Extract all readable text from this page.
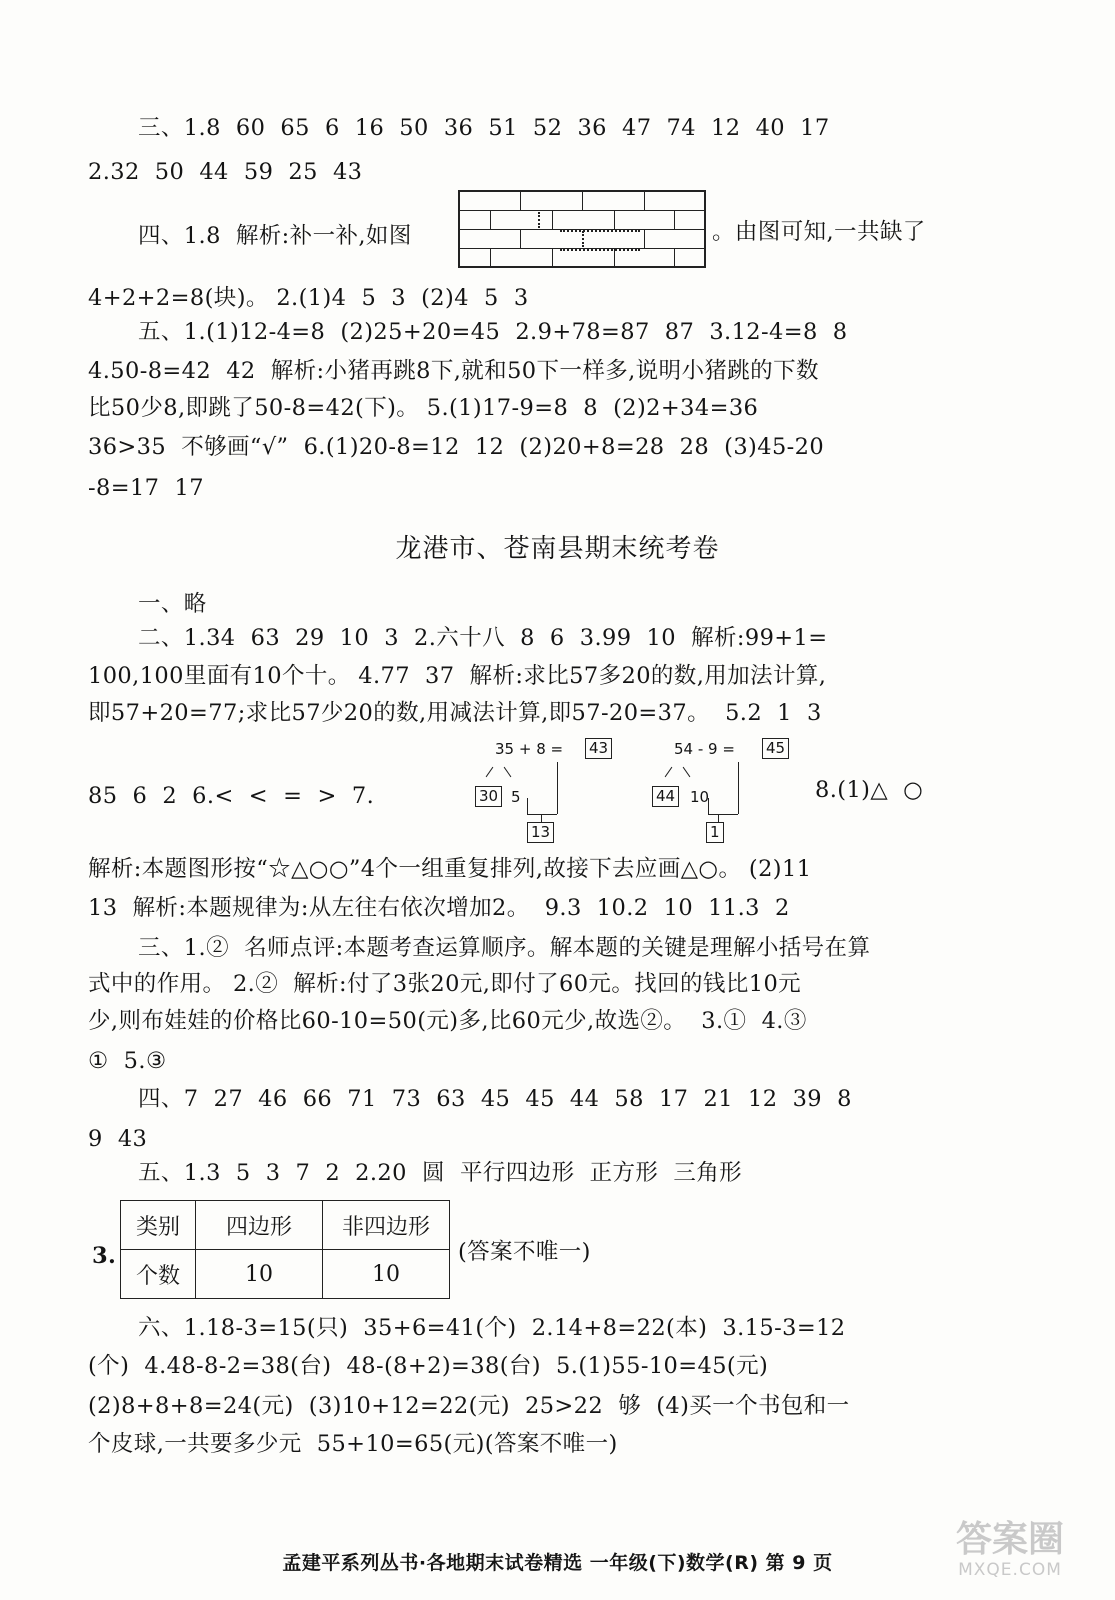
三、1.8  60  65  6  16  50  36  51  52  36  47  74  12  40  17
2.32  50  44  59  25  43
四、1.8  解析:补一补,如图	。由图可知,一共缺了
4+2+2=8(块)。 2.(1)4  5  3  (2)4  5  3
五、1.(1)12-4=8  (2)25+20=45  2.9+78=87  87  3.12-4=8  8
4.50-8=42  42  解析:小猪再跳8下,就和50下一样多,说明小猪跳的下数
比50少8,即跳了50-8=42(下)。 5.(1)17-9=8  8  (2)2+34=36
36>35  不够画“√”  6.(1)20-8=12  12  (2)20+8=28  28  (3)45-20
-8=17  17
龙港市、苍南县期末统考卷
一、略
二、1.34  63  29  10  3  2.六十八  8  6  3.99  10  解析:99+1=
100,100里面有10个十。 4.77  37  解析:求比57多20的数,用加法计算,
即57+20=77;求比57少20的数,用减法计算,即57-20=37。  5.2  1  3
85  6  2  6.<  <  =  >  7.
35 + 8 = 43
30 5
13
54 - 9 = 45
44 10
1
8.(1)△  ○
解析:本题图形按“☆△○○”4个一组重复排列,故接下去应画△○。 (2)11
13  解析:本题规律为:从左往右依次增加2。  9.3  10.2  10  11.3  2
三、1.②  名师点评:本题考查运算顺序。解本题的关键是理解小括号在算
式中的作用。 2.②  解析:付了3张20元,即付了60元。找回的钱比10元
少,则布娃娃的价格比60-10=50(元)多,比60元少,故选②。  3.①  4.③
①  5.③
四、7  27  46  66  71  73  63  45  45  44  58  17  21  12  39  8
9  43
五、1.3  5  3  7  2  2.20  圆  平行四边形  正方形  三角形
3.
类别	四边形	非四边形
个数	10	10
(答案不唯一)
六、1.18-3=15(只)  35+6=41(个)  2.14+8=22(本)  3.15-3=12
(个)  4.48-8-2=38(台)  48-(8+2)=38(台)  5.(1)55-10=45(元)
(2)8+8+8=24(元)  (3)10+12=22(元)  25>22  够  (4)买一个书包和一
个皮球,一共要多少元  55+10=65(元)(答案不唯一)
孟建平系列丛书·各地期末试卷精选 一年级(下)数学(R) 第 9 页
答案圈
MXQE.COM
